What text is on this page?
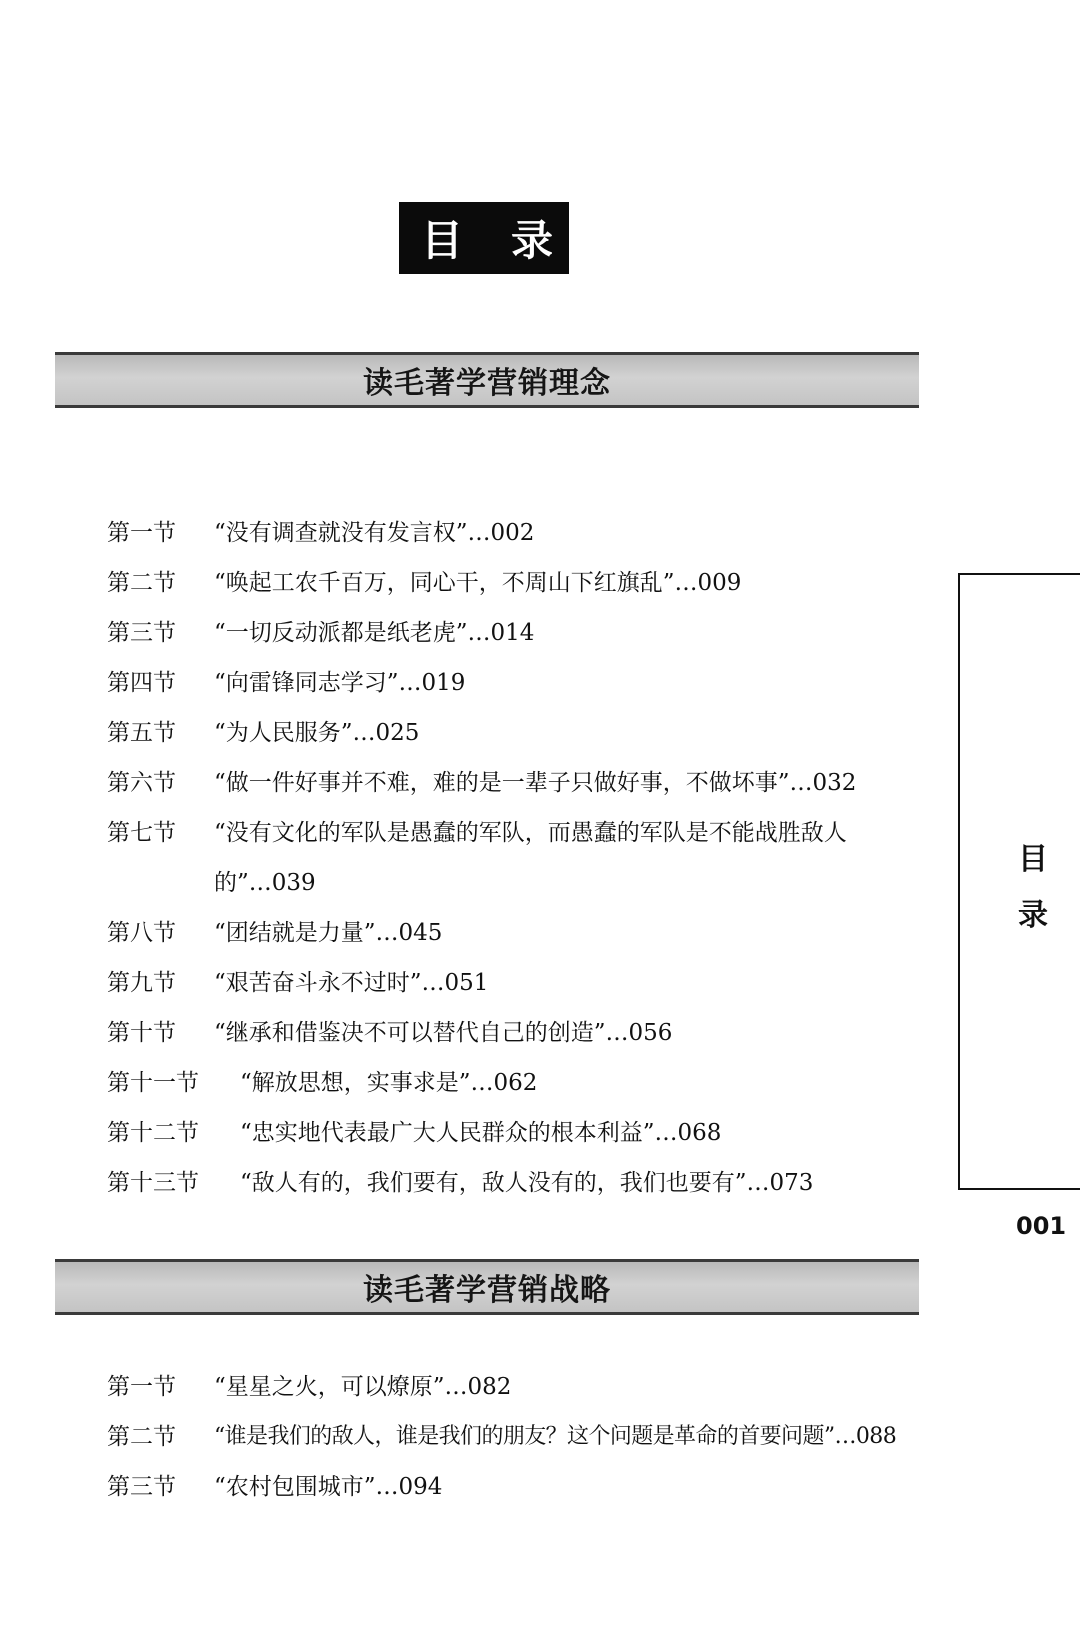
目 录
读毛著学营销理念
第一节 “没有调查就没有发言权”…002
第二节 “唤起工农千百万，同心干，不周山下红旗乱”…009
第三节 “一切反动派都是纸老虎”…014
第四节 “向雷锋同志学习”…019
第五节 “为人民服务”…025
第六节 “做一件好事并不难，难的是一辈子只做好事，不做坏事”…032
第七节 “没有文化的军队是愚蠢的军队，而愚蠢的军队是不能战胜敌人
的”…039
第八节 “团结就是力量”…045
第九节 “艰苦奋斗永不过时”…051
第十节 “继承和借鉴决不可以替代自己的创造”…056
第十一节 “解放思想，实事求是”…062
第十二节 “忠实地代表最广大人民群众的根本利益”…068
第十三节 “敌人有的，我们要有，敌人没有的，我们也要有”…073
读毛著学营销战略
第一节 “星星之火，可以燎原”…082
第二节 “谁是我们的敌人，谁是我们的朋友？这个问题是革命的首要问题”…088
第三节 “农村包围城市”…094
目
录
001
